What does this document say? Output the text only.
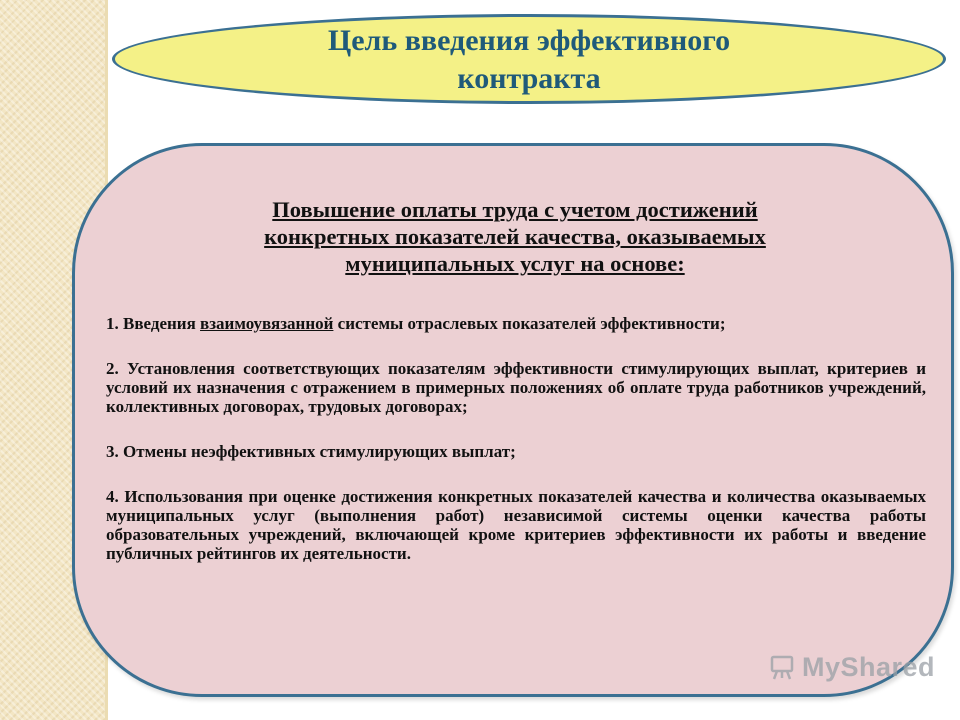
Цель введения эффективного
контракта
Повышение оплаты труда с учетом достижений
конкретных показателей качества, оказываемых
муниципальных услуг на основе:

1. Введения взаимоувязанной системы отраслевых показателей эффективности;

2. Установления соответствующих показателям эффективности стимулирующих выплат, критериев и условий их назначения с отражением в примерных положениях об оплате труда работников учреждений, коллективных договорах, трудовых договорах;

3. Отмены неэффективных стимулирующих выплат;

4. Использования при оценке достижения конкретных показателей качества и количества оказываемых муниципальных услуг (выполнения работ) независимой системы оценки качества работы образовательных учреждений, включающей кроме критериев эффективности их работы и введение публичных рейтингов их деятельности.

MyShared
